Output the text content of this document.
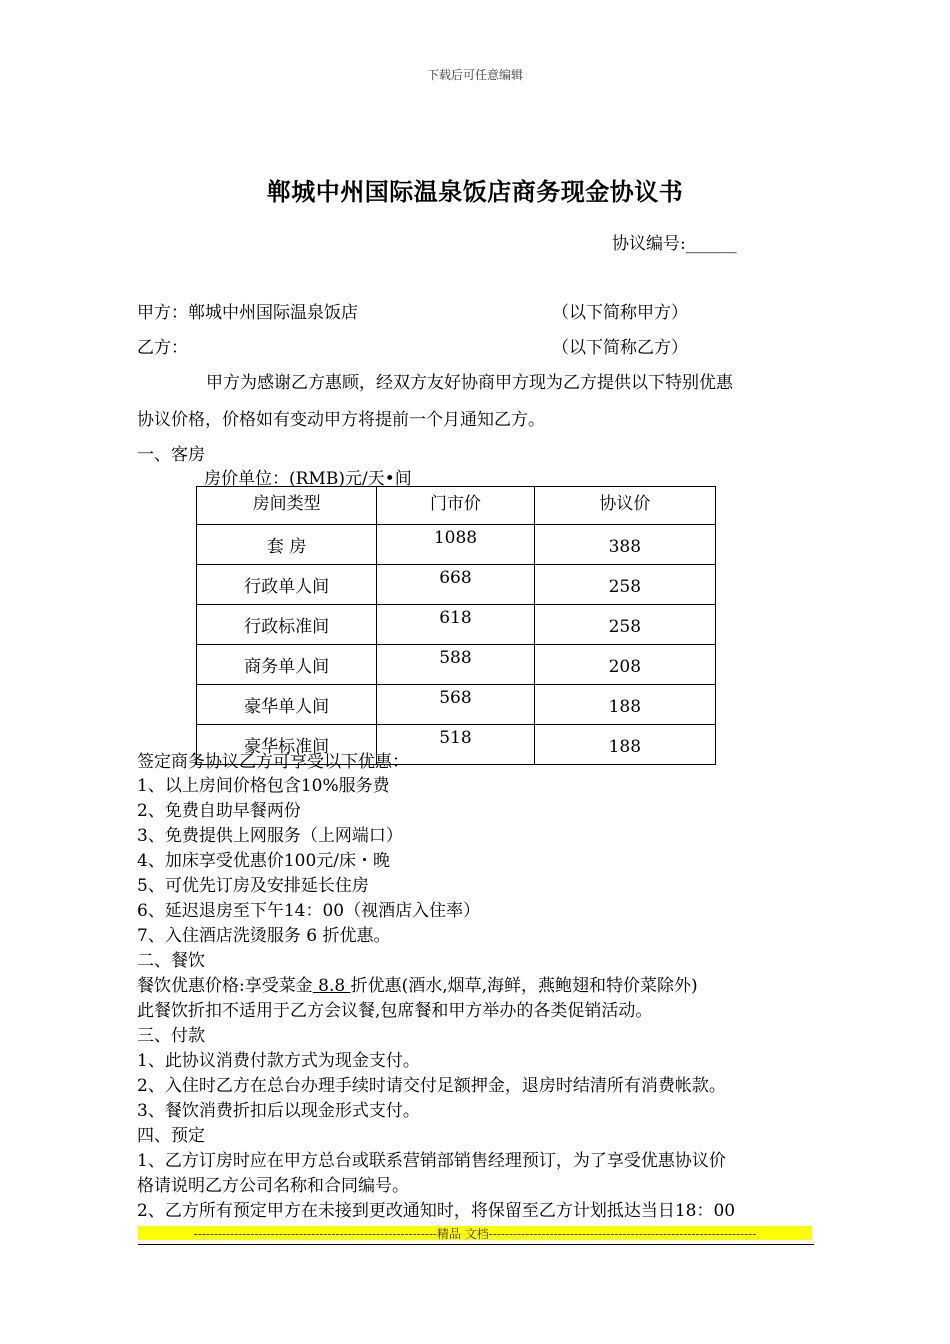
下载后可任意编辑
郸城中州国际温泉饭店商务现金协议书
协议编号:______
甲方：郸城中州国际温泉饭店	（以下简称甲方）
乙方：	（以下简称乙方）
甲方为感谢乙方惠顾，经双方友好协商甲方现为乙方提供以下特别优惠
协议价格，价格如有变动甲方将提前一个月通知乙方。
一、客房
房价单位：(RMB)元/天•间
房间类型	门市价	协议价
套 房	1088	388
行政单人间	668	258
行政标准间	618	258
商务单人间	588	208
豪华单人间	568	188
豪华标准间	518	188
签定商务协议乙方可享受以下优惠：
1、以上房间价格包含10%服务费
2、免费自助早餐两份
3、免费提供上网服务（上网端口）
4、加床享受优惠价100元/床・晚
5、可优先订房及安排延长住房
6、延迟退房至下午14：00（视酒店入住率）
7、入住酒店洗烫服务 6 折优惠。
二、餐饮
餐饮优惠价格:享受菜金 8.8 折优惠(酒水,烟草,海鲜，燕鲍翅和特价菜除外)
此餐饮折扣不适用于乙方会议餐,包席餐和甲方举办的各类促销活动。
三、付款
1、此协议消费付款方式为现金支付。
2、入住时乙方在总台办理手续时请交付足额押金，退房时结清所有消费帐款。
3、餐饮消费折扣后以现金形式支付。
四、预定
1、乙方订房时应在甲方总台或联系营销部销售经理预订，为了享受优惠协议价
格请说明乙方公司名称和合同编号。
2、乙方所有预定甲方在未接到更改通知时，将保留至乙方计划抵达当日18：00
------------------------------------------------------------精品 文档------------------------------------------------------------------
